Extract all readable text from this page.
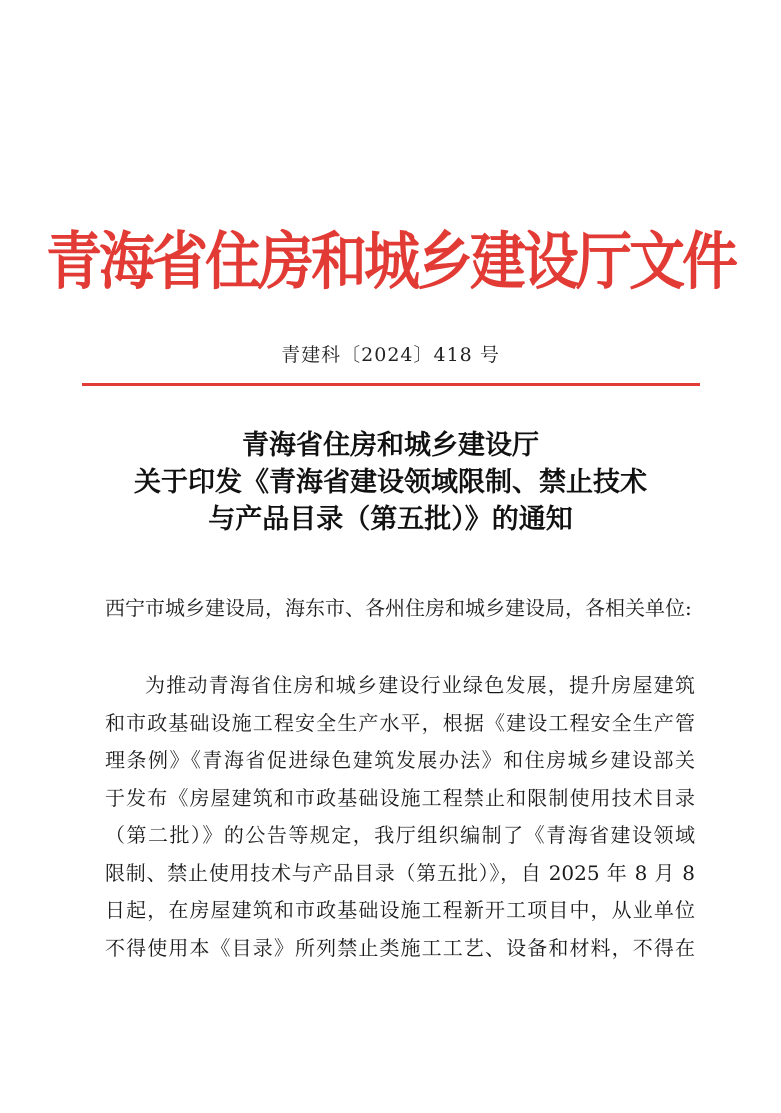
青海省住房和城乡建设厅文件
青建科〔2024〕418 号
青海省住房和城乡建设厅
关于印发《青海省建设领域限制、禁止技术
与产品目录（第五批）》的通知
西宁市城乡建设局，海东市、各州住房和城乡建设局，各相关单位:
为推动青海省住房和城乡建设行业绿色发展，提升房屋建筑
和市政基础设施工程安全生产水平，根据《建设工程安全生产管
理条例》《青海省促进绿色建筑发展办法》和住房城乡建设部关
于发布《房屋建筑和市政基础设施工程禁止和限制使用技术目录
（第二批）》的公告等规定，我厅组织编制了《青海省建设领域
限制、禁止使用技术与产品目录（第五批）》，自 2025 年 8 月 8
日起，在房屋建筑和市政基础设施工程新开工项目中，从业单位
不得使用本《目录》所列禁止类施工工艺、设备和材料，不得在
